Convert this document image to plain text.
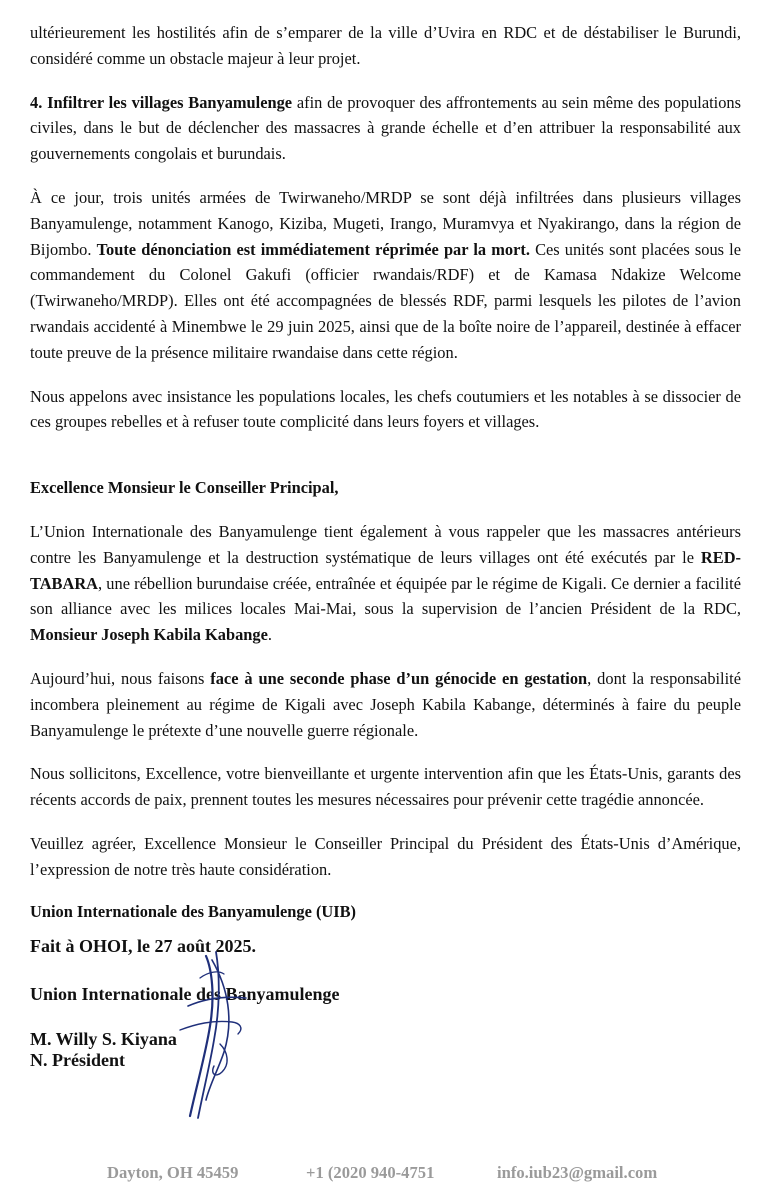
ultérieurement les hostilités afin de s’emparer de la ville d’Uvira en RDC et de déstabiliser le Burundi, considéré comme un obstacle majeur à leur projet.

4. Infiltrer les villages Banyamulenge afin de provoquer des affrontements au sein même des populations civiles, dans le but de déclencher des massacres à grande échelle et d’en attribuer la responsabilité aux gouvernements congolais et burundais.

À ce jour, trois unités armées de Twirwaneho/MRDP se sont déjà infiltrées dans plusieurs villages Banyamulenge, notamment Kanogo, Kiziba, Mugeti, Irango, Muramvya et Nyakirango, dans la région de Bijombo. Toute dénonciation est immédiatement réprimée par la mort. Ces unités sont placées sous le commandement du Colonel Gakufi (officier rwandais/RDF) et de Kamasa Ndakize Welcome (Twirwaneho/MRDP). Elles ont été accompagnées de blessés RDF, parmi lesquels les pilotes de l’avion rwandais accidenté à Minembwe le 29 juin 2025, ainsi que de la boîte noire de l’appareil, destinée à effacer toute preuve de la présence militaire rwandaise dans cette région.

Nous appelons avec insistance les populations locales, les chefs coutumiers et les notables à se dissocier de ces groupes rebelles et à refuser toute complicité dans leurs foyers et villages.

Excellence Monsieur le Conseiller Principal,

L’Union Internationale des Banyamulenge tient également à vous rappeler que les massacres antérieurs contre les Banyamulenge et la destruction systématique de leurs villages ont été exécutés par le RED-TABARA, une rébellion burundaise créée, entraînée et équipée par le régime de Kigali. Ce dernier a facilité son alliance avec les milices locales Mai-Mai, sous la supervision de l’ancien Président de la RDC, Monsieur Joseph Kabila Kabange.

Aujourd’hui, nous faisons face à une seconde phase d’un génocide en gestation, dont la responsabilité incombera pleinement au régime de Kigali avec Joseph Kabila Kabange, déterminés à faire du peuple Banyamulenge le prétexte d’une nouvelle guerre régionale.

Nous sollicitons, Excellence, votre bienveillante et urgente intervention afin que les États-Unis, garants des récents accords de paix, prennent toutes les mesures nécessaires pour prévenir cette tragédie annoncée.

Veuillez agréer, Excellence Monsieur le Conseiller Principal du Président des États-Unis d’Amérique, l’expression de notre très haute considération.

Union Internationale des Banyamulenge (UIB)

Fait à OHOI, le 27 août 2025.
Union Internationale des Banyamulenge
M. Willy S. Kiyana
N. Président
Dayton, OH 45459	+1 (2020 940-4751	info.iub23@gmail.com
